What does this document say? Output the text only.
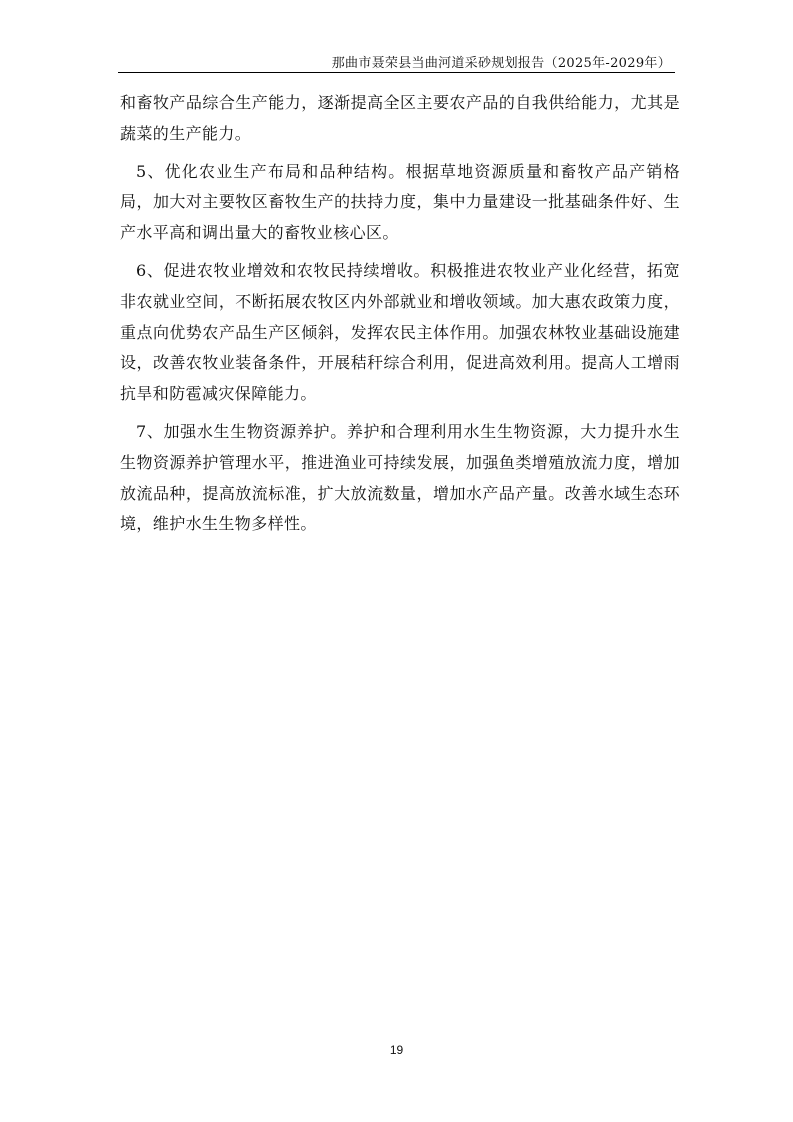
那曲市聂荣县当曲河道采砂规划报告（2025年-2029年）

和畜牧产品综合生产能力，逐渐提高全区主要农产品的自我供给能力，尤其是蔬菜的生产能力。

5、优化农业生产布局和品种结构。根据草地资源质量和畜牧产品产销格局，加大对主要牧区畜牧生产的扶持力度，集中力量建设一批基础条件好、生产水平高和调出量大的畜牧业核心区。

6、促进农牧业增效和农牧民持续增收。积极推进农牧业产业化经营，拓宽非农就业空间，不断拓展农牧区内外部就业和增收领域。加大惠农政策力度，重点向优势农产品生产区倾斜，发挥农民主体作用。加强农林牧业基础设施建设，改善农牧业装备条件，开展秸秆综合利用，促进高效利用。提高人工增雨抗旱和防雹减灾保障能力。

7、加强水生生物资源养护。养护和合理利用水生生物资源，大力提升水生生物资源养护管理水平，推进渔业可持续发展，加强鱼类增殖放流力度，增加放流品种，提高放流标准，扩大放流数量，增加水产品产量。改善水域生态环境，维护水生生物多样性。

19
